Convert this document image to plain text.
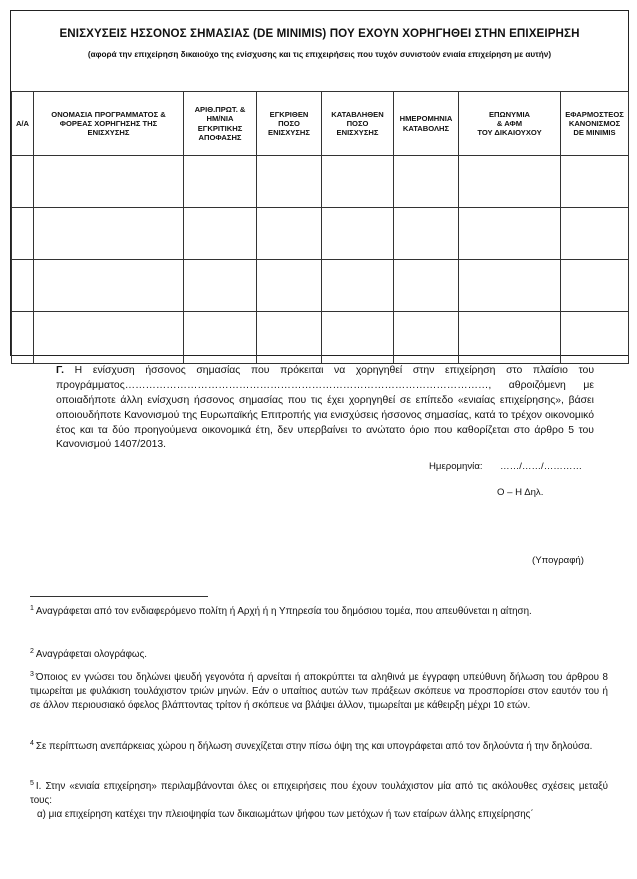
ΕΝΙΣΧΥΣΕΙΣ ΗΣΣΟΝΟΣ ΣΗΜΑΣΙΑΣ (DE MINIMIS) ΠΟΥ ΕΧΟΥΝ ΧΟΡΗΓΗΘΕΙ ΣΤΗΝ ΕΠΙΧΕΙΡΗΣΗ
(αφορά την επιχείρηση δικαιούχο της ενίσχυσης και τις επιχειρήσεις που τυχόν συνιστούν ενιαία επιχείρηση με αυτήν)
Α/Α	ΟΝΟΜΑΣΙΑ ΠΡΟΓΡΑΜΜΑΤΟΣ &
ΦΟΡΕΑΣ ΧΟΡΗΓΗΣΗΣ ΤΗΣ
ΕΝΙΣΧΥΣΗΣ	ΑΡΙΘ.ΠΡΩΤ. &
ΗΜ/ΝΙΑ
ΕΓΚΡΙΤΙΚΗΣ
ΑΠΟΦΑΣΗΣ	ΕΓΚΡΙΘΕΝ
ΠΟΣΟ
ΕΝΙΣΧΥΣΗΣ	ΚΑΤΑΒΛΗΘΕΝ
ΠΟΣΟ
ΕΝΙΣΧΥΣΗΣ	ΗΜΕΡΟΜΗΝΙΑ
ΚΑΤΑΒΟΛΗΣ	ΕΠΩΝΥΜΙΑ
& ΑΦΜ
ΤΟΥ ΔΙΚΑΙΟΥΧΟΥ	ΕΦΑΡΜΟΣΤΕΟΣ
ΚΑΝΟΝΙΣΜΟΣ
DE MINIMIS

Γ. Η ενίσχυση ήσσονος σημασίας που πρόκειται να χορηγηθεί στην επιχείρηση στο πλαίσιο του προγράμματος……………………………………………………………………………………………, αθροιζόμενη με οποιαδήποτε άλλη ενίσχυση ήσσονος σημασίας που τις έχει χορηγηθεί σε επίπεδο «ενιαίας επιχείρησης», βάσει οποιουδήποτε Κανονισμού της Ευρωπαϊκής Επιτροπής για ενισχύσεις ήσσονος σημασίας, κατά το τρέχον οικονομικό έτος και τα δύο προηγούμενα οικονομικά έτη, δεν υπερβαίνει το ανώτατο όριο που καθορίζεται στο άρθρο 5 του Κανονισμού 1407/2013.
Ημερομηνία: ……/……/…………
Ο – Η Δηλ.
(Υπογραφή)
$^1$ Αναγράφεται από τον ενδιαφερόμενο πολίτη ή Αρχή ή η Υπηρεσία του δημόσιου τομέα, που απευθύνεται η αίτηση.
$^2$ Αναγράφεται ολογράφως.
$^3$ Όποιος εν γνώσει του δηλώνει ψευδή γεγονότα ή αρνείται ή αποκρύπτει τα αληθινά με έγγραφη υπεύθυνη δήλωση του άρθρου 8 τιμωρείται με φυλάκιση τουλάχιστον τριών μηνών. Εάν ο υπαίτιος αυτών των πράξεων σκόπευε να προσπορίσει στον εαυτόν του ή σε άλλον περιουσιακό όφελος βλάπτοντας τρίτον ή σκόπευε να βλάψει άλλον, τιμωρείται με κάθειρξη μέχρι 10 ετών.
$^4$ Σε περίπτωση ανεπάρκειας χώρου η δήλωση συνεχίζεται στην πίσω όψη της και υπογράφεται από τον δηλούντα ή την δηλούσα.
$^5$ Ι. Στην «ενιαία επιχείρηση» περιλαμβάνονται όλες οι επιχειρήσεις που έχουν τουλάχιστον μία από τις ακόλουθες σχέσεις μεταξύ τους:
α) μια επιχείρηση κατέχει την πλειοψηφία των δικαιωμάτων ψήφου των μετόχων ή των εταίρων άλλης επιχείρησης΄
